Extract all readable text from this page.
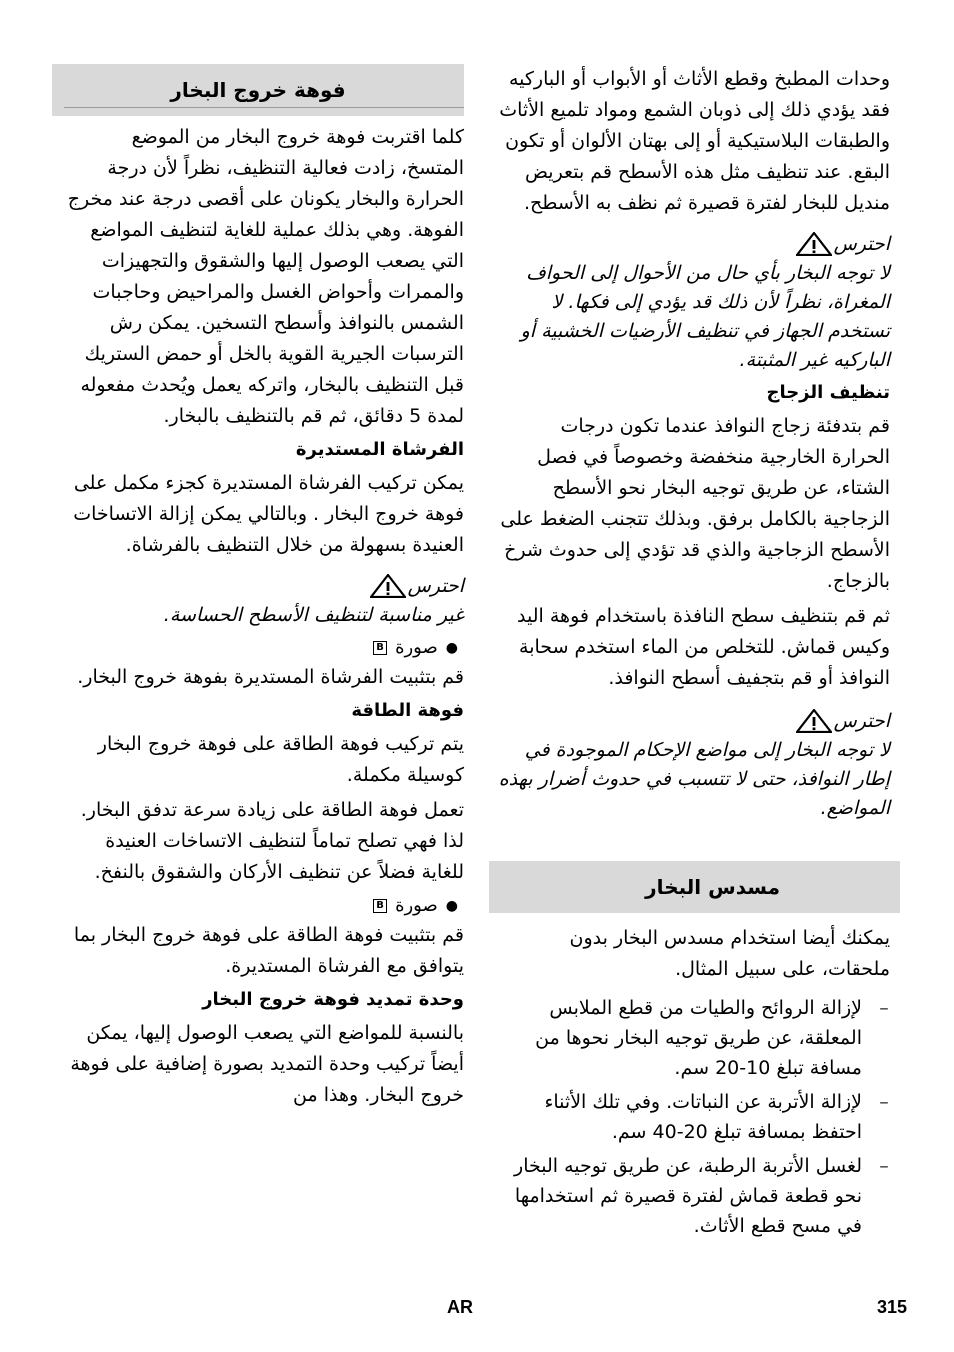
وحدات المطبخ وقطع الأثاث أو الأبواب أو الباركيه فقد يؤدي ذلك إلى ذوبان الشمع ومواد تلميع الأثاث والطبقات البلاستيكية أو إلى بهتان الألوان أو تكون البقع. عند تنظيف مثل هذه الأسطح قم بتعريض منديل للبخار لفترة قصيرة ثم نظف به الأسطح.

احترس
لا توجه البخار بأي حال من الأحوال إلى الحواف المغراة، نظراً لأن ذلك قد يؤدي إلى فكها. لا تستخدم الجهاز في تنظيف الأرضيات الخشبية أو الباركيه غير المثبتة.
تنظيف الزجاج

قم بتدفئة زجاج النوافذ عندما تكون درجات الحرارة الخارجية منخفضة وخصوصاً في فصل الشتاء، عن طريق توجيه البخار نحو الأسطح الزجاجية بالكامل برفق. وبذلك تتجنب الضغط على الأسطح الزجاجية والذي قد تؤدي إلى حدوث شرخ بالزجاج.

ثم قم بتنظيف سطح النافذة باستخدام فوهة اليد وكيس قماش. للتخلص من الماء استخدم سحابة النوافذ أو قم بتجفيف أسطح النوافذ.

احترس
لا توجه البخار إلى مواضع الإحكام الموجودة في إطار النوافذ، حتى لا تتسبب في حدوث أضرار بهذه المواضع.
مسدس البخار

يمكنك أيضا استخدام مسدس البخار بدون ملحقات، على سبيل المثال.

–
لإزالة الروائح والطيات من قطع الملابس المعلقة، عن طريق توجيه البخار نحوها من مسافة تبلغ 10-20 سم.
–
لإزالة الأتربة عن النباتات. وفي تلك الأثناء احتفظ بمسافة تبلغ 20-40 سم.
–
لغسل الأتربة الرطبة، عن طريق توجيه البخار نحو قطعة قماش لفترة قصيرة ثم استخدامها في مسح قطع الأثاث.
فوهة خروج البخار

كلما اقتربت فوهة خروج البخار من الموضع المتسخ، زادت فعالية التنظيف، نظراً لأن درجة الحرارة والبخار يكونان على أقصى درجة عند مخرج الفوهة. وهي بذلك عملية للغاية لتنظيف المواضع التي يصعب الوصول إليها والشقوق والتجهيزات والممرات وأحواض الغسل والمراحيض وحاجبات الشمس بالنوافذ وأسطح التسخين. يمكن رش الترسبات الجيرية القوية بالخل أو حمض الستريك قبل التنظيف بالبخار، واتركه يعمل ويُحدث مفعوله لمدة 5 دقائق، ثم قم بالتنظيف بالبخار.

الفرشاة المستديرة

يمكن تركيب الفرشاة المستديرة كجزء مكمل على فوهة خروج البخار . وبالتالي يمكن إزالة الاتساخات العنيدة بسهولة من خلال التنظيف بالفرشاة.

احترس
غير مناسبة لتنظيف الأسطح الحساسة.
●
صورة
B

قم بتثبيت الفرشاة المستديرة بفوهة خروج البخار.

فوهة الطاقة

يتم تركيب فوهة الطاقة على فوهة خروج البخار كوسيلة مكملة.

تعمل فوهة الطاقة على زيادة سرعة تدفق البخار. لذا فهي تصلح تماماً لتنظيف الاتساخات العنيدة للغاية فضلاً عن تنظيف الأركان والشقوق بالنفخ.

●
صورة
B

قم بتثبيت فوهة الطاقة على فوهة خروج البخار بما يتوافق مع الفرشاة المستديرة.

وحدة تمديد فوهة خروج البخار

بالنسبة للمواضع التي يصعب الوصول إليها، يمكن أيضاً تركيب وحدة التمديد بصورة إضافية على فوهة خروج البخار. وهذا من

AR	315
